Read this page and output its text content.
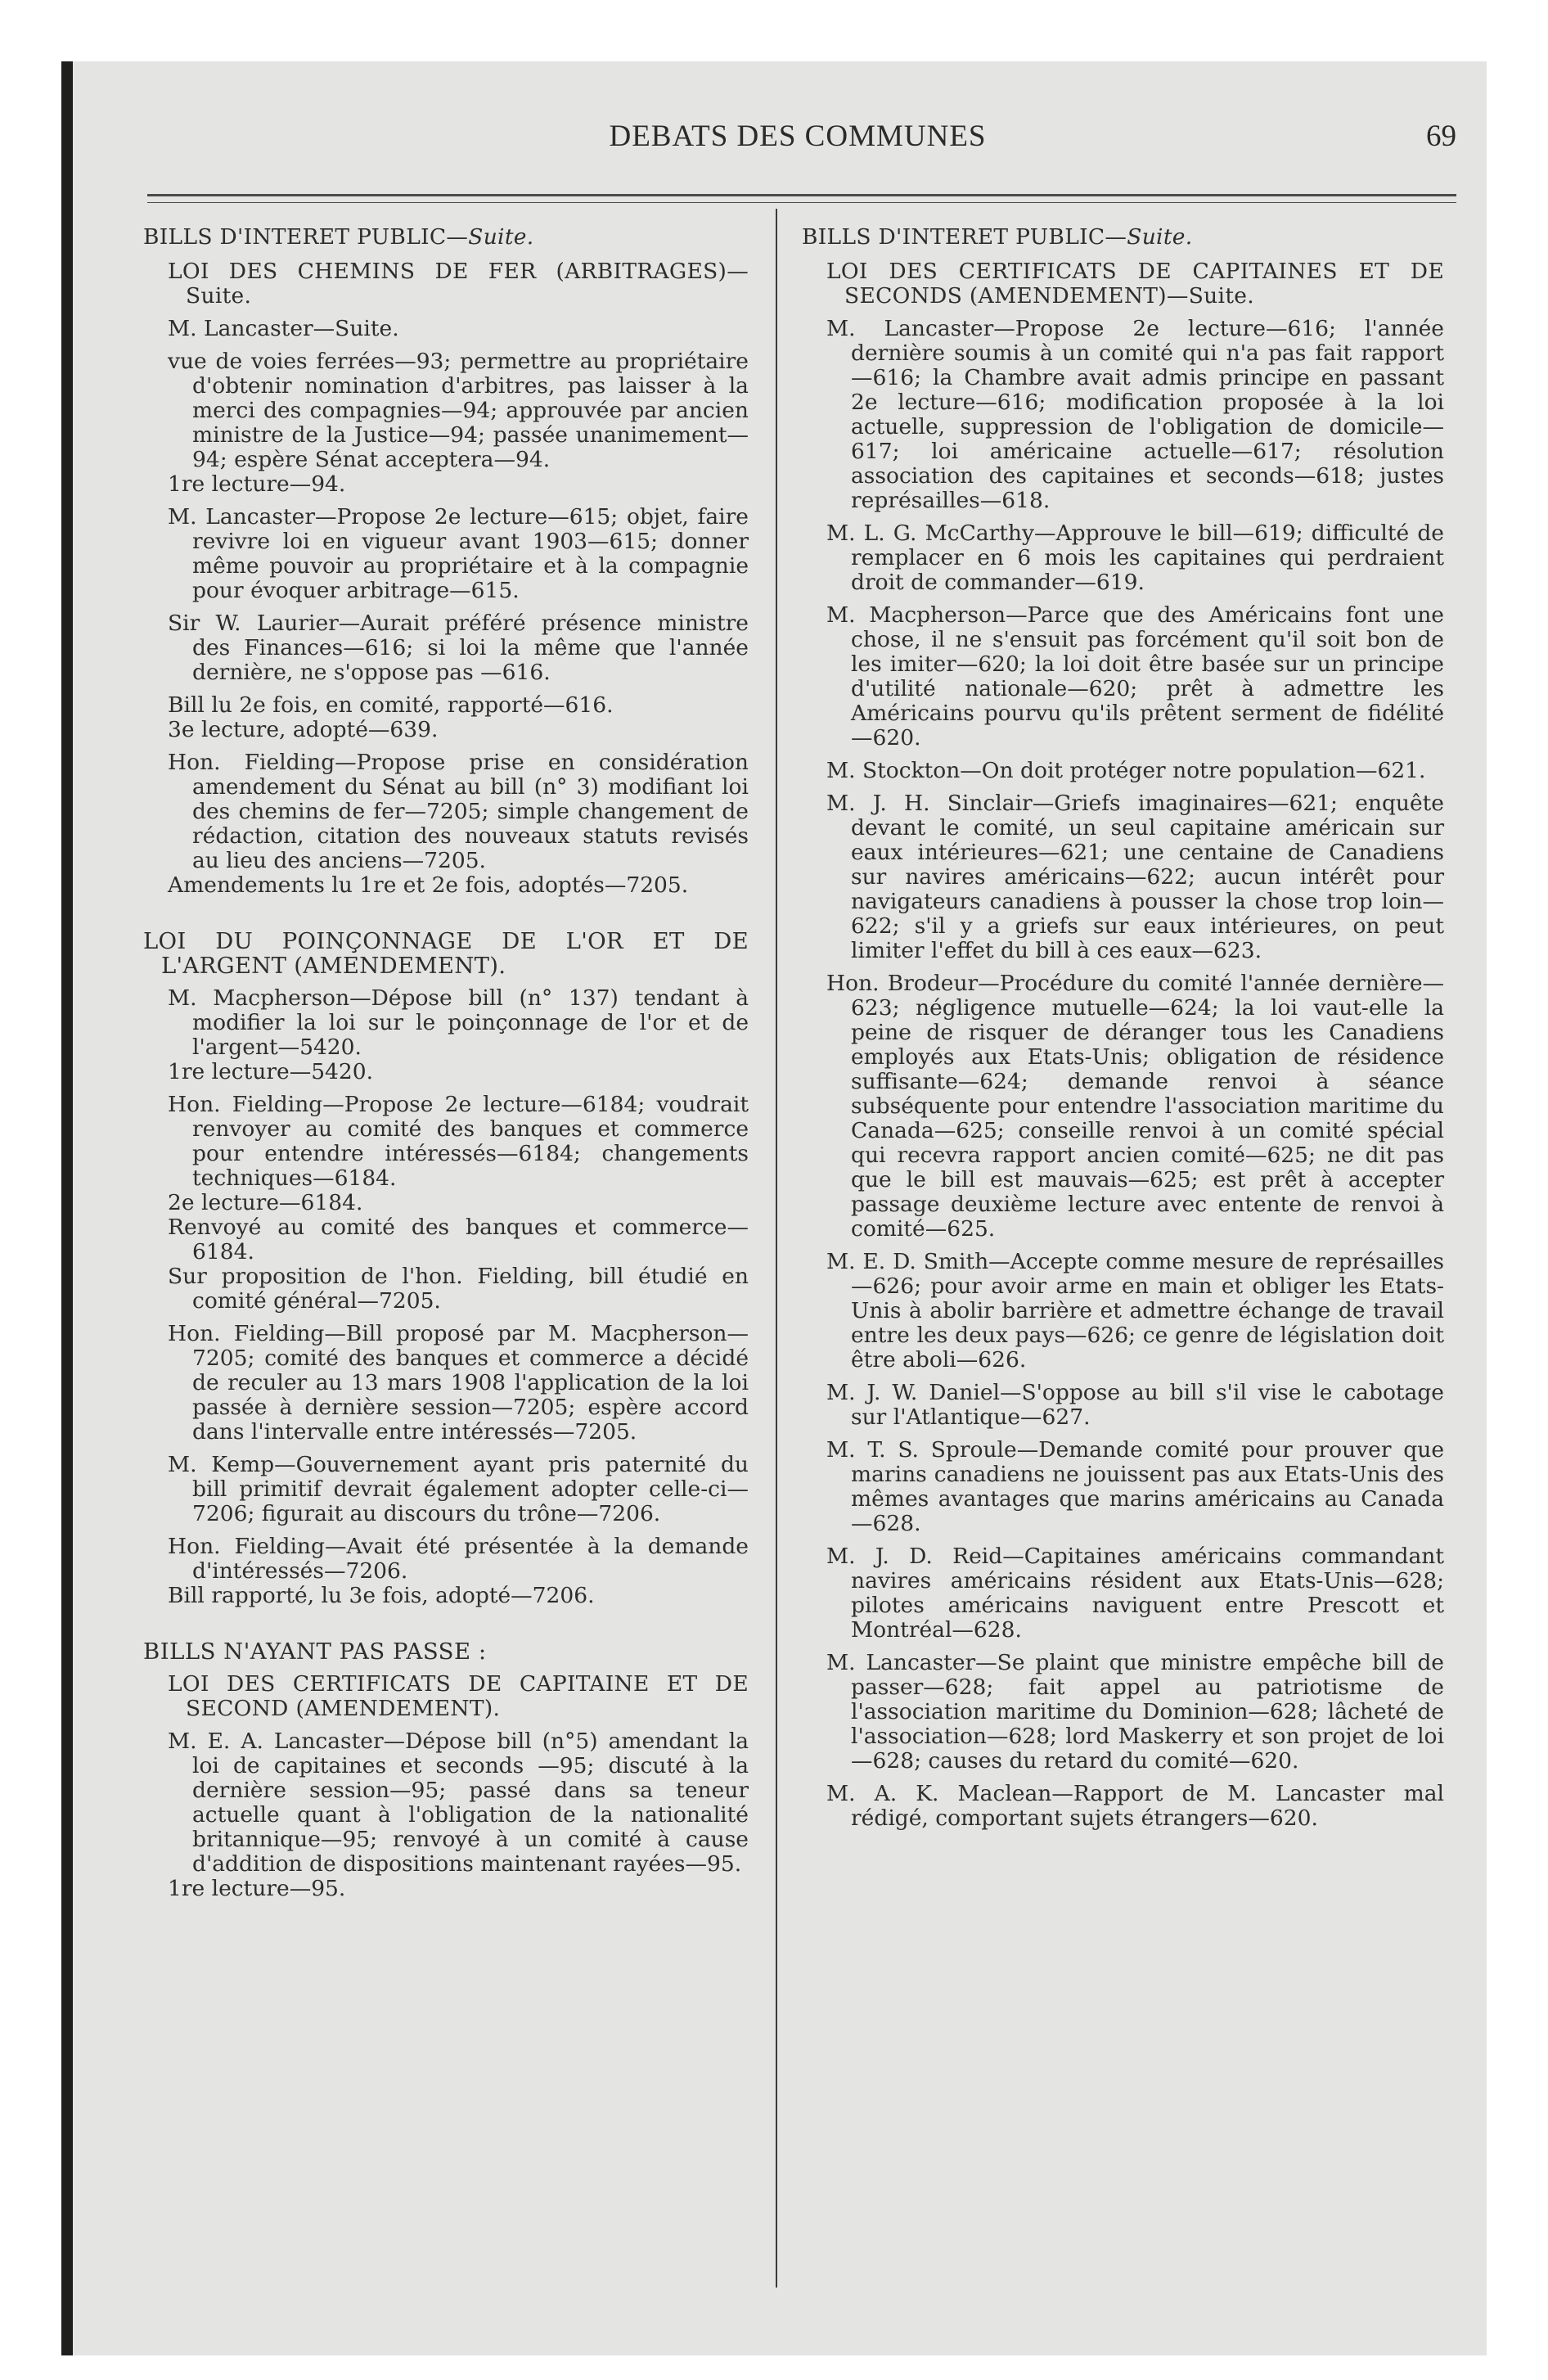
DEBATS DES COMMUNES	69
BILLS D'INTERET PUBLIC—Suite.
LOI DES CHEMINS DE FER (ARBITRAGES)—Suite.
M. Lancaster—Suite.
vue de voies ferrées—93; permettre au propriétaire d'obtenir nomination d'arbitres, pas laisser à la merci des compagnies—94; approuvée par ancien ministre de la Justice—94; passée unanimement—94; espère Sénat acceptera—94.
1re lecture—94.
M. Lancaster—Propose 2e lecture—615; objet, faire revivre loi en vigueur avant 1903—615; donner même pouvoir au propriétaire et à la compagnie pour évoquer arbitrage—615.
Sir W. Laurier—Aurait préféré présence ministre des Finances—616; si loi la même que l'année dernière, ne s'oppose pas —616.
Bill lu 2e fois, en comité, rapporté—616.
3e lecture, adopté—639.
Hon. Fielding—Propose prise en considération amendement du Sénat au bill (n° 3) modifiant loi des chemins de fer—7205; simple changement de rédaction, citation des nouveaux statuts revisés au lieu des anciens—7205.
Amendements lu 1re et 2e fois, adoptés—7205.
LOI DU POINÇONNAGE DE L'OR ET DE L'ARGENT (AMENDEMENT).
M. Macpherson—Dépose bill (n° 137) tendant à modifier la loi sur le poinçonnage de l'or et de l'argent—5420.
1re lecture—5420.
Hon. Fielding—Propose 2e lecture—6184; voudrait renvoyer au comité des banques et commerce pour entendre intéressés—6184; changements techniques—6184.
2e lecture—6184.
Renvoyé au comité des banques et commerce—6184.
Sur proposition de l'hon. Fielding, bill étudié en comité général—7205.
Hon. Fielding—Bill proposé par M. Macpherson—7205; comité des banques et commerce a décidé de reculer au 13 mars 1908 l'application de la loi passée à dernière session—7205; espère accord dans l'intervalle entre intéressés—7205.
M. Kemp—Gouvernement ayant pris paternité du bill primitif devrait également adopter celle-ci—7206; figurait au discours du trône—7206.
Hon. Fielding—Avait été présentée à la demande d'intéressés—7206.
Bill rapporté, lu 3e fois, adopté—7206.
BILLS N'AYANT PAS PASSE :
LOI DES CERTIFICATS DE CAPITAINE ET DE SECOND (AMENDEMENT).
M. E. A. Lancaster—Dépose bill (n°5) amendant la loi de capitaines et seconds —95; discuté à la dernière session—95; passé dans sa teneur actuelle quant à l'obligation de la nationalité britannique—95; renvoyé à un comité à cause d'addition de dispositions maintenant rayées—95.
1re lecture—95.
BILLS D'INTERET PUBLIC—Suite.
LOI DES CERTIFICATS DE CAPITAINES ET DE SECONDS (AMENDEMENT)—Suite.
M. Lancaster—Propose 2e lecture—616; l'année dernière soumis à un comité qui n'a pas fait rapport—616; la Chambre avait admis principe en passant 2e lecture—616; modification proposée à la loi actuelle, suppression de l'obligation de domicile—617; loi américaine actuelle—617; résolution association des capitaines et seconds—618; justes représailles—618.
M. L. G. McCarthy—Approuve le bill—619; difficulté de remplacer en 6 mois les capitaines qui perdraient droit de commander—619.
M. Macpherson—Parce que des Américains font une chose, il ne s'ensuit pas forcément qu'il soit bon de les imiter—620; la loi doit être basée sur un principe d'utilité nationale—620; prêt à admettre les Américains pourvu qu'ils prêtent serment de fidélité—620.
M. Stockton—On doit protéger notre population—621.
M. J. H. Sinclair—Griefs imaginaires—621; enquête devant le comité, un seul capitaine américain sur eaux intérieures—621; une centaine de Canadiens sur navires américains—622; aucun intérêt pour navigateurs canadiens à pousser la chose trop loin—622; s'il y a griefs sur eaux intérieures, on peut limiter l'effet du bill à ces eaux—623.
Hon. Brodeur—Procédure du comité l'année dernière—623; négligence mutuelle—624; la loi vaut-elle la peine de risquer de déranger tous les Canadiens employés aux Etats-Unis; obligation de résidence suffisante—624; demande renvoi à séance subséquente pour entendre l'association maritime du Canada—625; conseille renvoi à un comité spécial qui recevra rapport ancien comité—625; ne dit pas que le bill est mauvais—625; est prêt à accepter passage deuxième lecture avec entente de renvoi à comité—625.
M. E. D. Smith—Accepte comme mesure de représailles—626; pour avoir arme en main et obliger les Etats-Unis à abolir barrière et admettre échange de travail entre les deux pays—626; ce genre de législation doit être aboli—626.
M. J. W. Daniel—S'oppose au bill s'il vise le cabotage sur l'Atlantique—627.
M. T. S. Sproule—Demande comité pour prouver que marins canadiens ne jouissent pas aux Etats-Unis des mêmes avantages que marins américains au Canada —628.
M. J. D. Reid—Capitaines américains commandant navires américains résident aux Etats-Unis—628; pilotes américains naviguent entre Prescott et Montréal—628.
M. Lancaster—Se plaint que ministre empêche bill de passer—628; fait appel au patriotisme de l'association maritime du Dominion—628; lâcheté de l'association—628; lord Maskerry et son projet de loi—628; causes du retard du comité—620.
M. A. K. Maclean—Rapport de M. Lancaster mal rédigé, comportant sujets étrangers—620.
